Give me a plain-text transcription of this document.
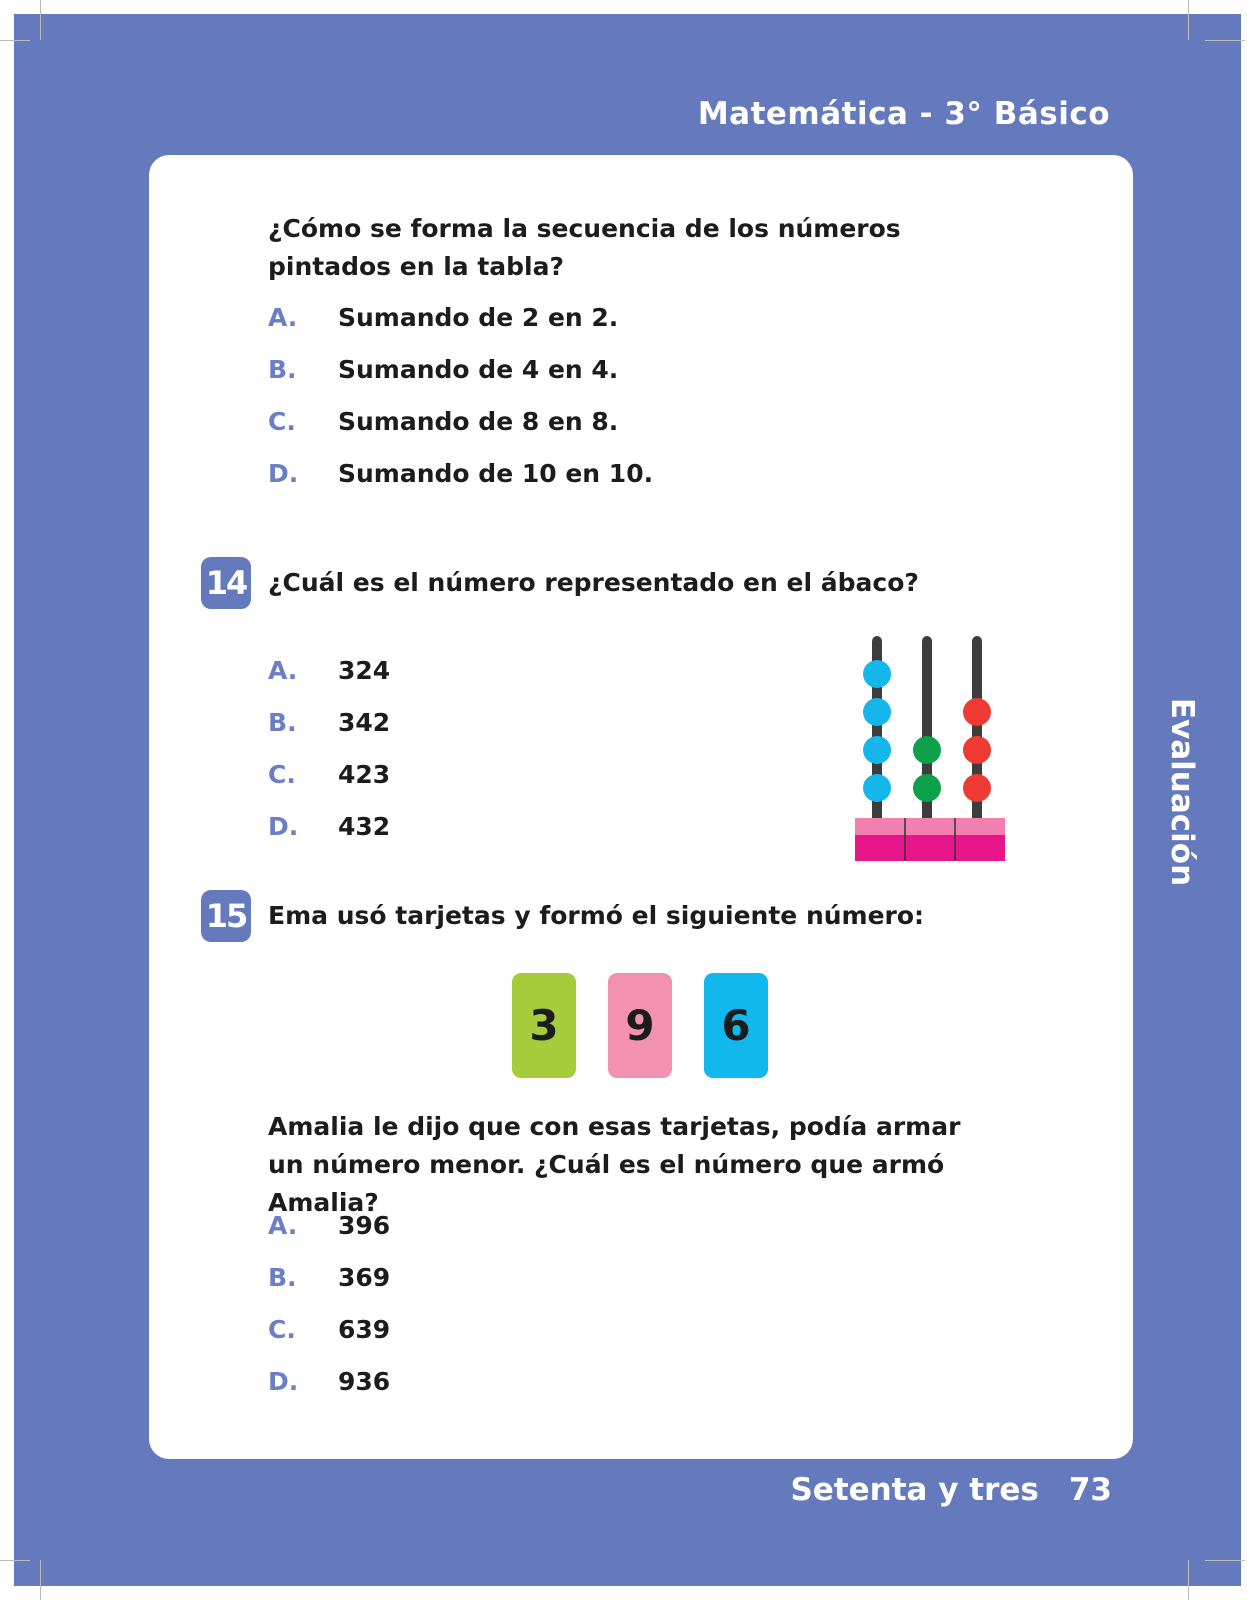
Matemática - 3° Básico
Evaluación
¿Cómo se forma la secuencia de los números pintados en la tabla?
A.	Sumando de 2 en 2.
B.	Sumando de 4 en 4.
C.	Sumando de 8 en 8.
D.	Sumando de 10 en 10.
14 ¿Cuál es el número representado en el ábaco?
A.	324
B.	342
C.	423
D.	432
15 Ema usó tarjetas y formó el siguiente número:
3 9 6
Amalia le dijo que con esas tarjetas, podía armar un número menor. ¿Cuál es el número que armó Amalia?
A.	396
B.	369
C.	639
D.	936
Setenta y tres 73
